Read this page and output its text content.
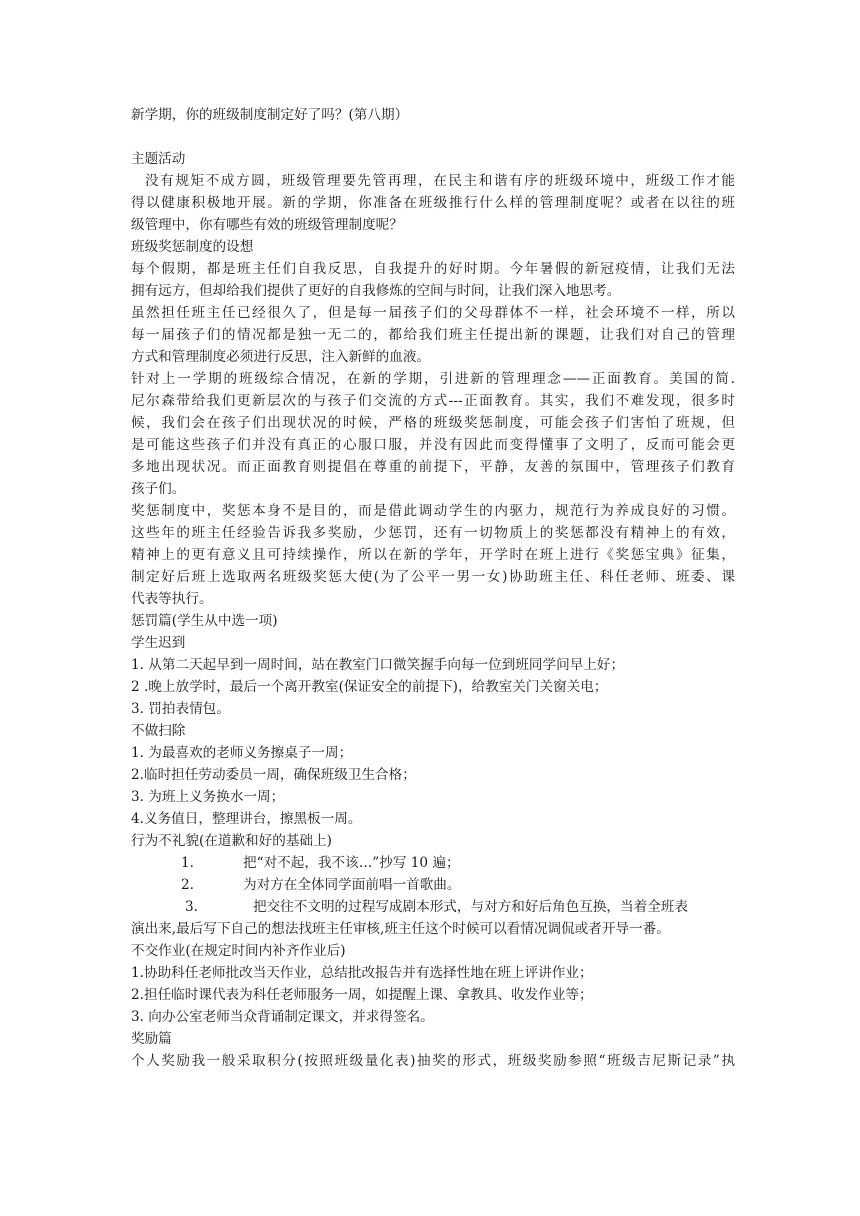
新学期，你的班级制度制定好了吗？(第八期）
主题活动
没有规矩不成方圆，班级管理要先管再理，在民主和谐有序的班级环境中，班级工作才能
得以健康积极地开展。新的学期，你准备在班级推行什么样的管理制度呢？或者在以往的班
级管理中，你有哪些有效的班级管理制度呢？
班级奖惩制度的设想
每个假期，都是班主任们自我反思，自我提升的好时期。今年暑假的新冠疫情，让我们无法
拥有远方，但却给我们提供了更好的自我修炼的空间与时间，让我们深入地思考。
虽然担任班主任已经很久了，但是每一届孩子们的父母群体不一样，社会环境不一样，所以
每一届孩子们的情况都是独一无二的，都给我们班主任提出新的课题，让我们对自己的管理
方式和管理制度必须进行反思，注入新鲜的血液。
针对上一学期的班级综合情况，在新的学期，引进新的管理理念——正面教育。美国的简.
尼尔森带给我们更新层次的与孩子们交流的方式---正面教育。其实，我们不难发现，很多时
候，我们会在孩子们出现状况的时候，严格的班级奖惩制度，可能会孩子们害怕了班规，但
是可能这些孩子们并没有真正的心服口服，并没有因此而变得懂事了文明了，反而可能会更
多地出现状况。而正面教育则提倡在尊重的前提下，平静，友善的氛围中，管理孩子们教育
孩子们。
奖惩制度中，奖惩本身不是目的，而是借此调动学生的内驱力，规范行为养成良好的习惯。
这些年的班主任经验告诉我多奖励，少惩罚，还有一切物质上的奖惩都没有精神上的有效，
精神上的更有意义且可持续操作，所以在新的学年，开学时在班上进行《奖惩宝典》征集，
制定好后班上选取两名班级奖惩大使(为了公平一男一女)协助班主任、科任老师、班委、课
代表等执行。
惩罚篇(学生从中选一项)
学生迟到
1. 从第二天起早到一周时间，站在教室门口微笑握手向每一位到班同学问早上好；
2 .晚上放学时，最后一个离开教室(保证安全的前提下)，给教室关门关窗关电；
3. 罚拍表情包。
不做扫除
1. 为最喜欢的老师义务擦桌子一周；
2.临时担任劳动委员一周，确保班级卫生合格；
3. 为班上义务换水一周；
4.义务值日，整理讲台，擦黑板一周。
行为不礼貌(在道歉和好的基础上)
1.	把“对不起，我不该…”抄写 10 遍；
2.	为对方在全体同学面前唱一首歌曲。
3.	把交往不文明的过程写成剧本形式，与对方和好后角色互换，当着全班表
演出来,最后写下自己的想法找班主任审核,班主任这个时候可以看情况调侃或者开导一番。
不交作业(在规定时间内补齐作业后)
1.协助科任老师批改当天作业，总结批改报告并有选择性地在班上评讲作业；
2.担任临时课代表为科任老师服务一周，如提醒上课、拿教具、收发作业等；
3. 向办公室老师当众背诵制定课文，并求得签名。
奖励篇
个人奖励我一般采取积分(按照班级量化表)抽奖的形式，班级奖励参照“班级吉尼斯记录”执
